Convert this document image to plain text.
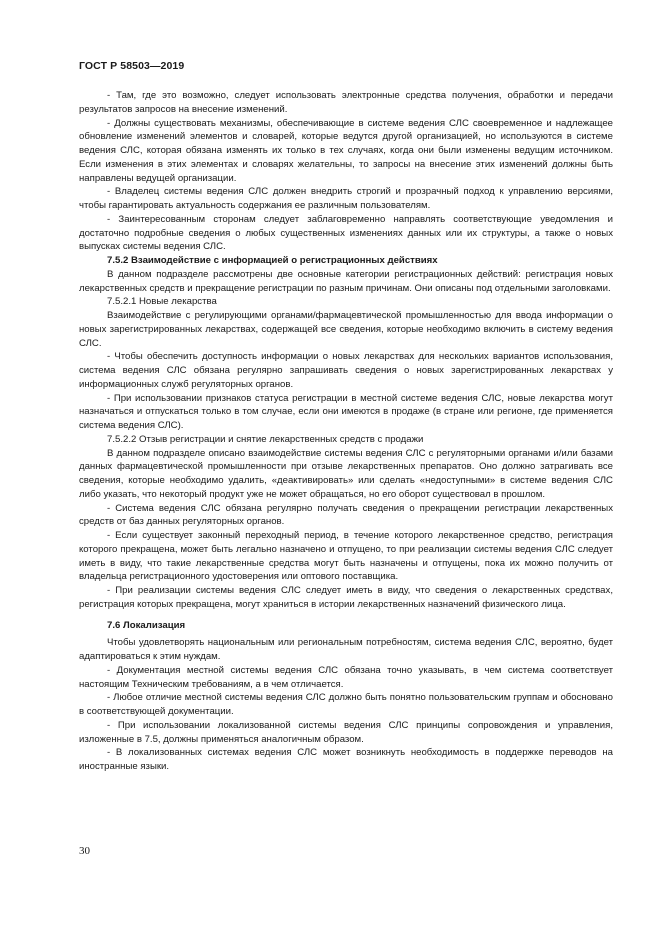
ГОСТ Р 58503—2019

- Там, где это возможно, следует использовать электронные средства получения, обработки и передачи результатов запросов на внесение изменений.

- Должны существовать механизмы, обеспечивающие в системе ведения СЛС своевременное и надлежащее обновление изменений элементов и словарей, которые ведутся другой организацией, но используются в системе ведения СЛС, которая обязана изменять их только в тех случаях, когда они были изменены ведущим источником. Если изменения в этих элементах и словарях желательны, то запросы на внесение этих изменений должны быть направлены ведущей организации.

- Владелец системы ведения СЛС должен внедрить строгий и прозрачный подход к управлению версиями, чтобы гарантировать актуальность содержания ее различным пользователям.

- Заинтересованным сторонам следует заблаговременно направлять соответствующие уведомления и достаточно подробные сведения о любых существенных изменениях данных или их структуры, а также о новых выпусках системы ведения СЛС.

7.5.2 Взаимодействие с информацией о регистрационных действиях

В данном подразделе рассмотрены две основные категории регистрационных действий: регистрация новых лекарственных средств и прекращение регистрации по разным причинам. Они описаны под отдельными заголовками.

7.5.2.1 Новые лекарства

Взаимодействие с регулирующими органами/фармацевтической промышленностью для ввода информации о новых зарегистрированных лекарствах, содержащей все сведения, которые необходимо включить в систему ведения СЛС.

- Чтобы обеспечить доступность информации о новых лекарствах для нескольких вариантов использования, система ведения СЛС обязана регулярно запрашивать сведения о новых зарегистрированных лекарствах у информационных служб регуляторных органов.

- При использовании признаков статуса регистрации в местной системе ведения СЛС, новые лекарства могут назначаться и отпускаться только в том случае, если они имеются в продаже (в стране или регионе, где применяется система ведения СЛС).

7.5.2.2 Отзыв регистрации и снятие лекарственных средств с продажи

В данном подразделе описано взаимодействие системы ведения СЛС с регуляторными органами и/или базами данных фармацевтической промышленности при отзыве лекарственных препаратов. Оно должно затрагивать все сведения, которые необходимо удалить, «деактивировать» или сделать «недоступными» в системе ведения СЛС либо указать, что некоторый продукт уже не может обращаться, но его оборот существовал в прошлом.

- Система ведения СЛС обязана регулярно получать сведения о прекращении регистрации лекарственных средств от баз данных регуляторных органов.

- Если существует законный переходный период, в течение которого лекарственное средство, регистрация которого прекращена, может быть легально назначено и отпущено, то при реализации системы ведения СЛС следует иметь в виду, что такие лекарственные средства могут быть назначены и отпущены, пока их можно получить от владельца регистрационного удостоверения или оптового поставщика.

- При реализации системы ведения СЛС следует иметь в виду, что сведения о лекарственных средствах, регистрация которых прекращена, могут храниться в истории лекарственных назначений физического лица.

7.6 Локализация

Чтобы удовлетворять национальным или региональным потребностям, система ведения СЛС, вероятно, будет адаптироваться к этим нуждам.

- Документация местной системы ведения СЛС обязана точно указывать, в чем система соответствует настоящим Техническим требованиям, а в чем отличается.

- Любое отличие местной системы ведения СЛС должно быть понятно пользовательским группам и обосновано в соответствующей документации.

- При использовании локализованной системы ведения СЛС принципы сопровождения и управления, изложенные в 7.5, должны применяться аналогичным образом.

- В локализованных системах ведения СЛС может возникнуть необходимость в поддержке переводов на иностранные языки.

30
